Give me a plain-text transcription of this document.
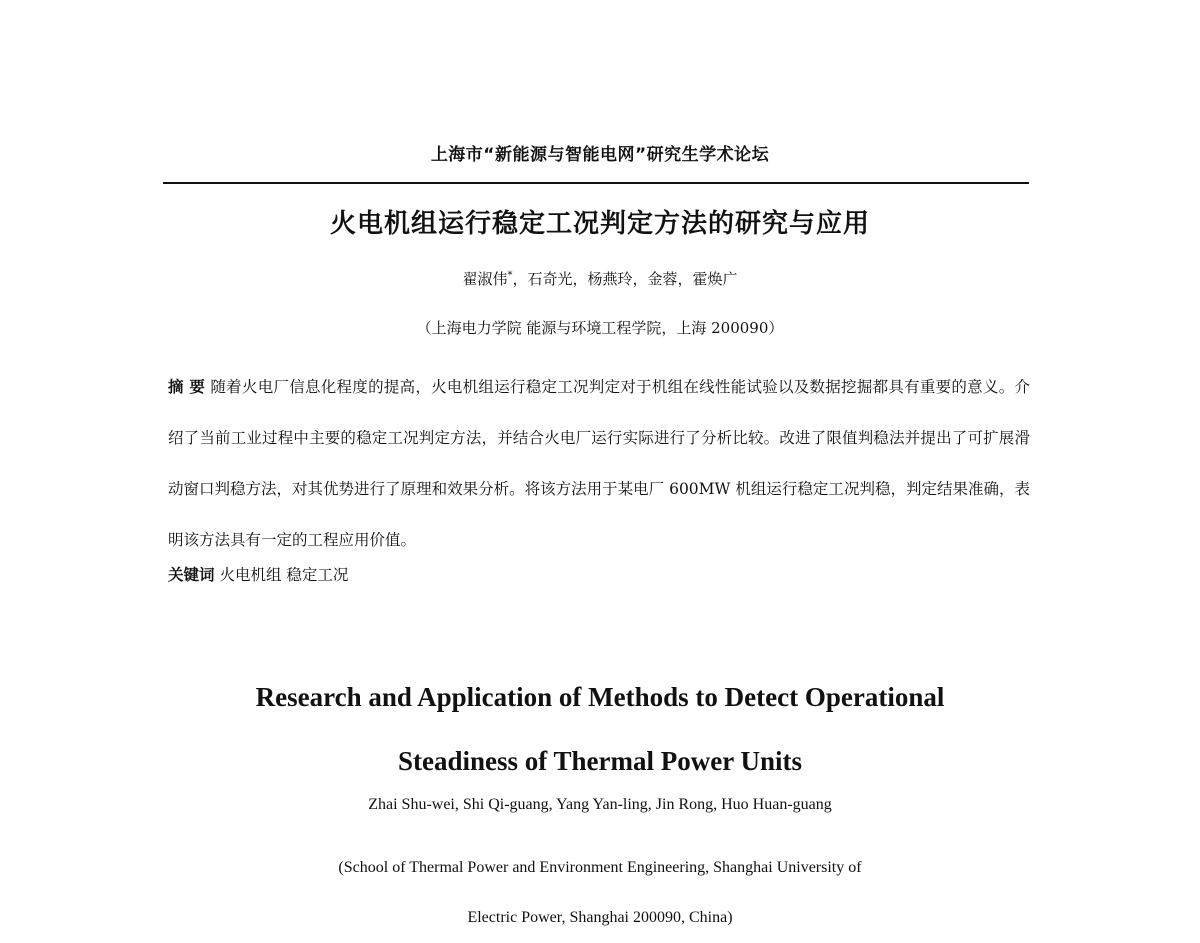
上海市“新能源与智能电网”研究生学术论坛
火电机组运行稳定工况判定方法的研究与应用
翟淑伟*，石奇光，杨燕玲，金蓉，霍焕广
（上海电力学院 能源与环境工程学院，上海 200090）
摘 要 随着火电厂信息化程度的提高，火电机组运行稳定工况判定对于机组在线性能试验以及数据挖掘都具有重要的意义。介绍了当前工业过程中主要的稳定工况判定方法，并结合火电厂运行实际进行了分析比较。改进了限值判稳法并提出了可扩展滑动窗口判稳方法，对其优势进行了原理和效果分析。将该方法用于某电厂 600MW 机组运行稳定工况判稳，判定结果准确，表明该方法具有一定的工程应用价值。
关键词 火电机组 稳定工况
Research and Application of Methods to Detect Operational
Steadiness of Thermal Power Units
Zhai Shu-wei, Shi Qi-guang, Yang Yan-ling, Jin Rong, Huo Huan-guang
(School of Thermal Power and Environment Engineering, Shanghai University of
Electric Power, Shanghai 200090, China)
